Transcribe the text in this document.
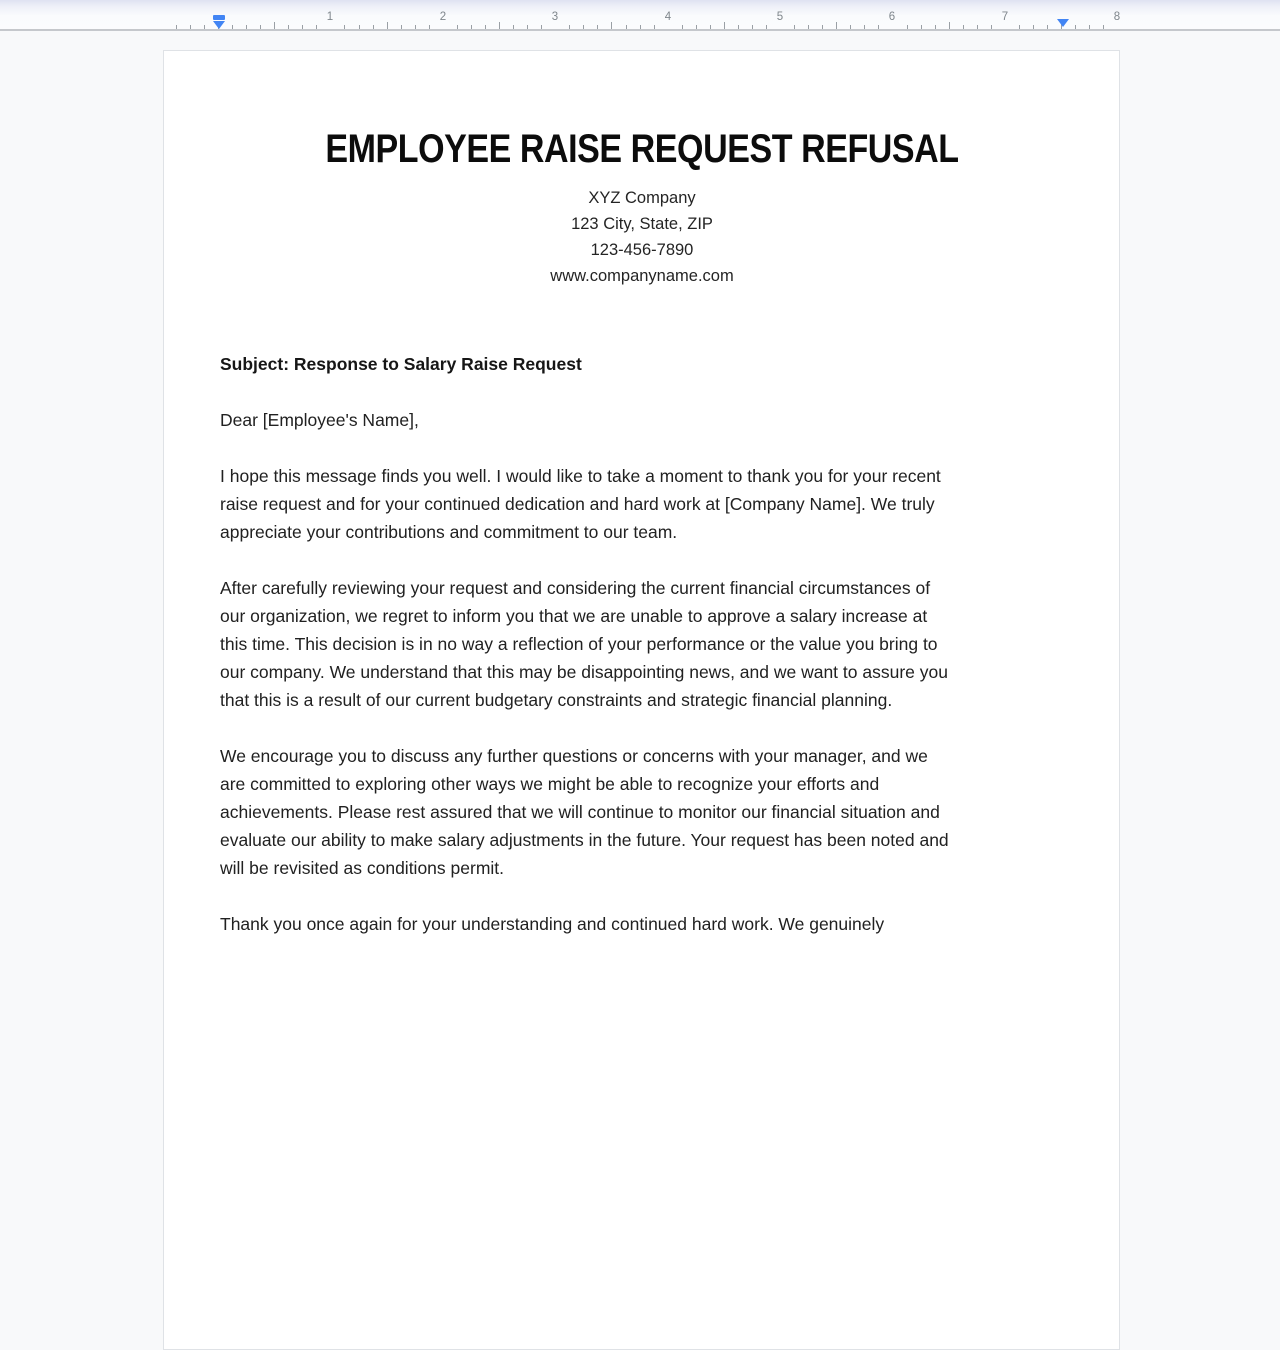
1	2	3	4	5	6	7	8
EMPLOYEE RAISE REQUEST REFUSAL
XYZ Company
123 City, State, ZIP
123-456-7890
www.companyname.com
Subject: Response to Salary Raise Request
Dear [Employee's Name],
I hope this message finds you well. I would like to take a moment to thank you for your recent
raise request and for your continued dedication and hard work at [Company Name]. We truly
appreciate your contributions and commitment to our team.
After carefully reviewing your request and considering the current financial circumstances of
our organization, we regret to inform you that we are unable to approve a salary increase at
this time. This decision is in no way a reflection of your performance or the value you bring to
our company. We understand that this may be disappointing news, and we want to assure you
that this is a result of our current budgetary constraints and strategic financial planning.
We encourage you to discuss any further questions or concerns with your manager, and we
are committed to exploring other ways we might be able to recognize your efforts and
achievements. Please rest assured that we will continue to monitor our financial situation and
evaluate our ability to make salary adjustments in the future. Your request has been noted and
will be revisited as conditions permit.
Thank you once again for your understanding and continued hard work. We genuinely
